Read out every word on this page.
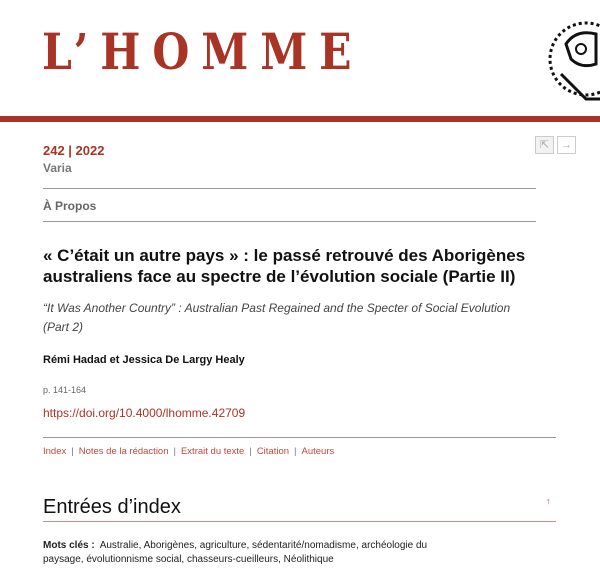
L’HOMME
242 | 2022
Varia
⇱	→
À Propos
« C’était un autre pays » : le passé retrouvé des Aborigènes australiens face au spectre de l’évolution sociale (Partie II)
“It Was Another Country” : Australian Past Regained and the Specter of Social Evolution (Part 2)
Rémi Hadad et Jessica De Largy Healy
p. 141-164
https://doi.org/10.4000/lhomme.42709
Index | Notes de la rédaction | Extrait du texte | Citation | Auteurs
Entrées d’index	↑
Mots clés : Australie, Aborigènes, agriculture, sédentarité/nomadisme, archéologie du paysage, évolutionnisme social, chasseurs-cueilleurs, Néolithique
